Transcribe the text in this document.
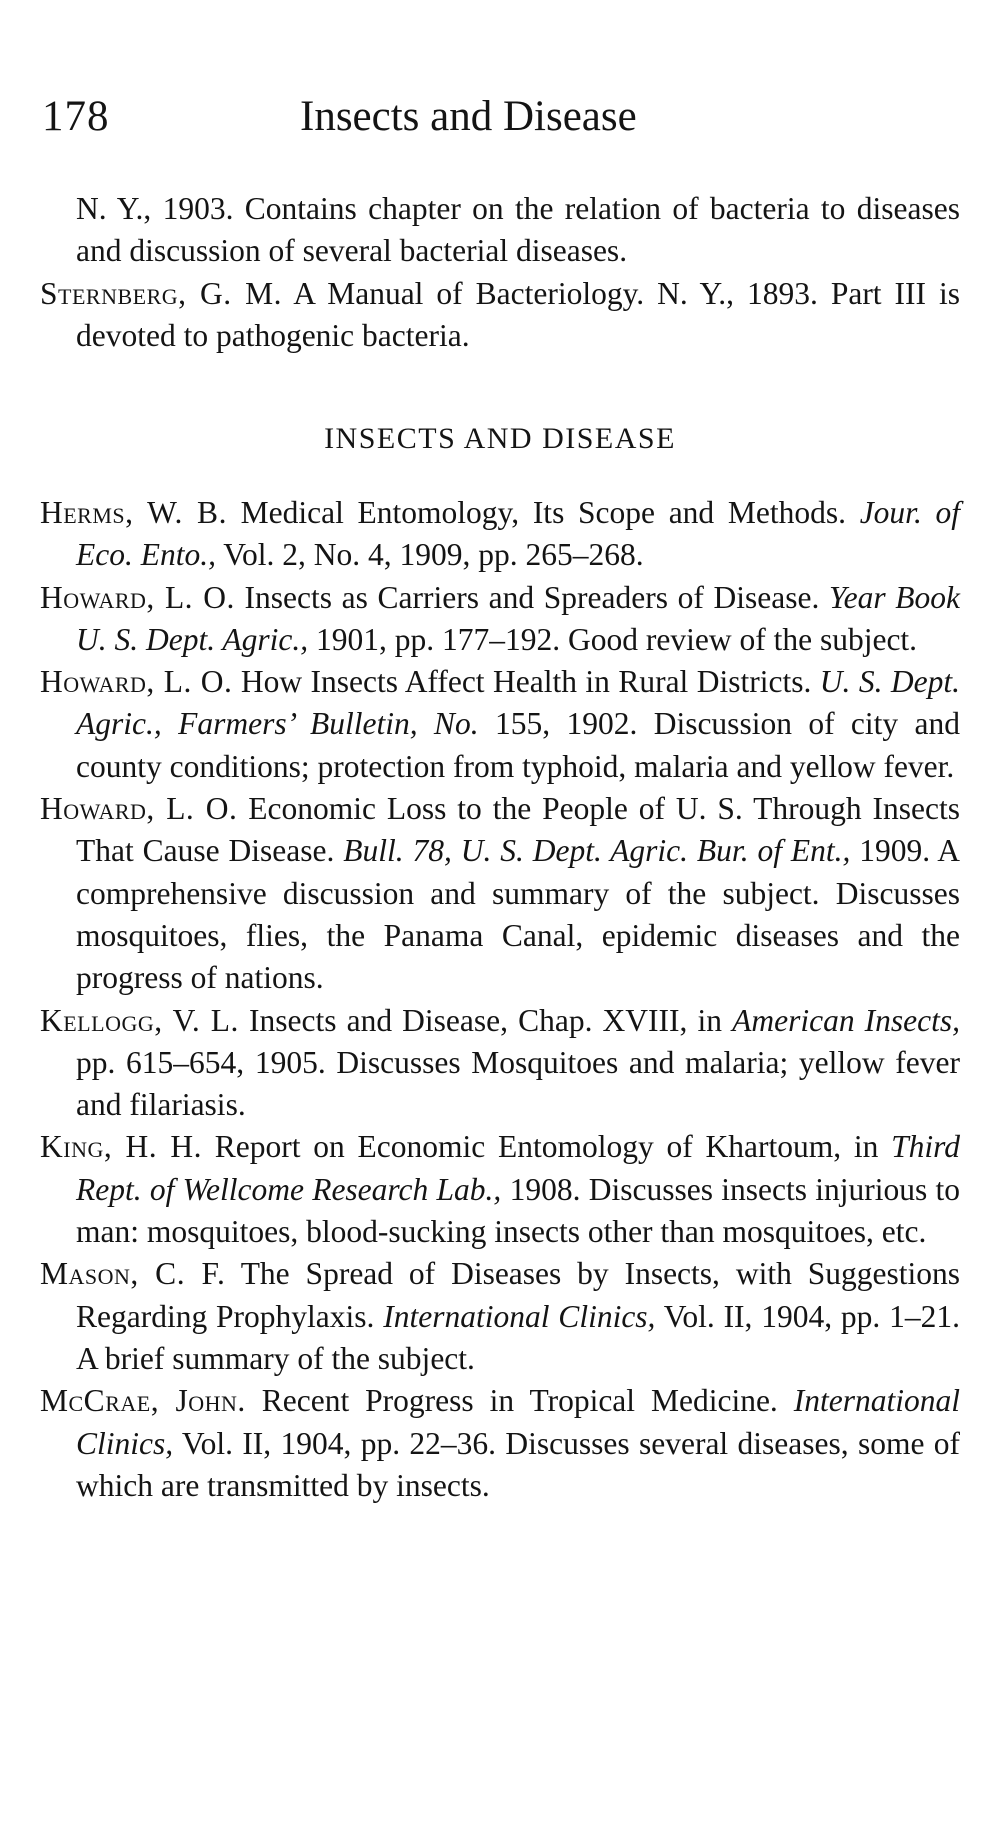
178	Insects and Disease

N. Y., 1903. Contains chapter on the relation of bacteria to diseases and discussion of several bacterial diseases.

Sternberg, G. M. A Manual of Bacteriology. N. Y., 1893. Part III is devoted to pathogenic bacteria.

INSECTS AND DISEASE

Herms, W. B. Medical Entomology, Its Scope and Methods. Jour. of Eco. Ento., Vol. 2, No. 4, 1909, pp. 265–268.

Howard, L. O. Insects as Carriers and Spreaders of Disease. Year Book U. S. Dept. Agric., 1901, pp. 177–192. Good review of the subject.

Howard, L. O. How Insects Affect Health in Rural Districts. U. S. Dept. Agric., Farmers’ Bulletin, No. 155, 1902. Discussion of city and county conditions; protection from typhoid, malaria and yellow fever.

Howard, L. O. Economic Loss to the People of U. S. Through Insects That Cause Disease. Bull. 78, U. S. Dept. Agric. Bur. of Ent., 1909. A comprehensive discussion and summary of the subject. Discusses mosquitoes, flies, the Panama Canal, epidemic diseases and the progress of nations.

Kellogg, V. L. Insects and Disease, Chap. XVIII, in American Insects, pp. 615–654, 1905. Discusses Mosquitoes and malaria; yellow fever and filariasis.

King, H. H. Report on Economic Entomology of Khartoum, in Third Rept. of Wellcome Research Lab., 1908. Discusses insects injurious to man: mosquitoes, blood-sucking insects other than mosquitoes, etc.

Mason, C. F. The Spread of Diseases by Insects, with Suggestions Regarding Prophylaxis. International Clinics, Vol. II, 1904, pp. 1–21. A brief summary of the subject.

McCrae, John. Recent Progress in Tropical Medicine. International Clinics, Vol. II, 1904, pp. 22–36. Discusses several diseases, some of which are transmitted by insects.
